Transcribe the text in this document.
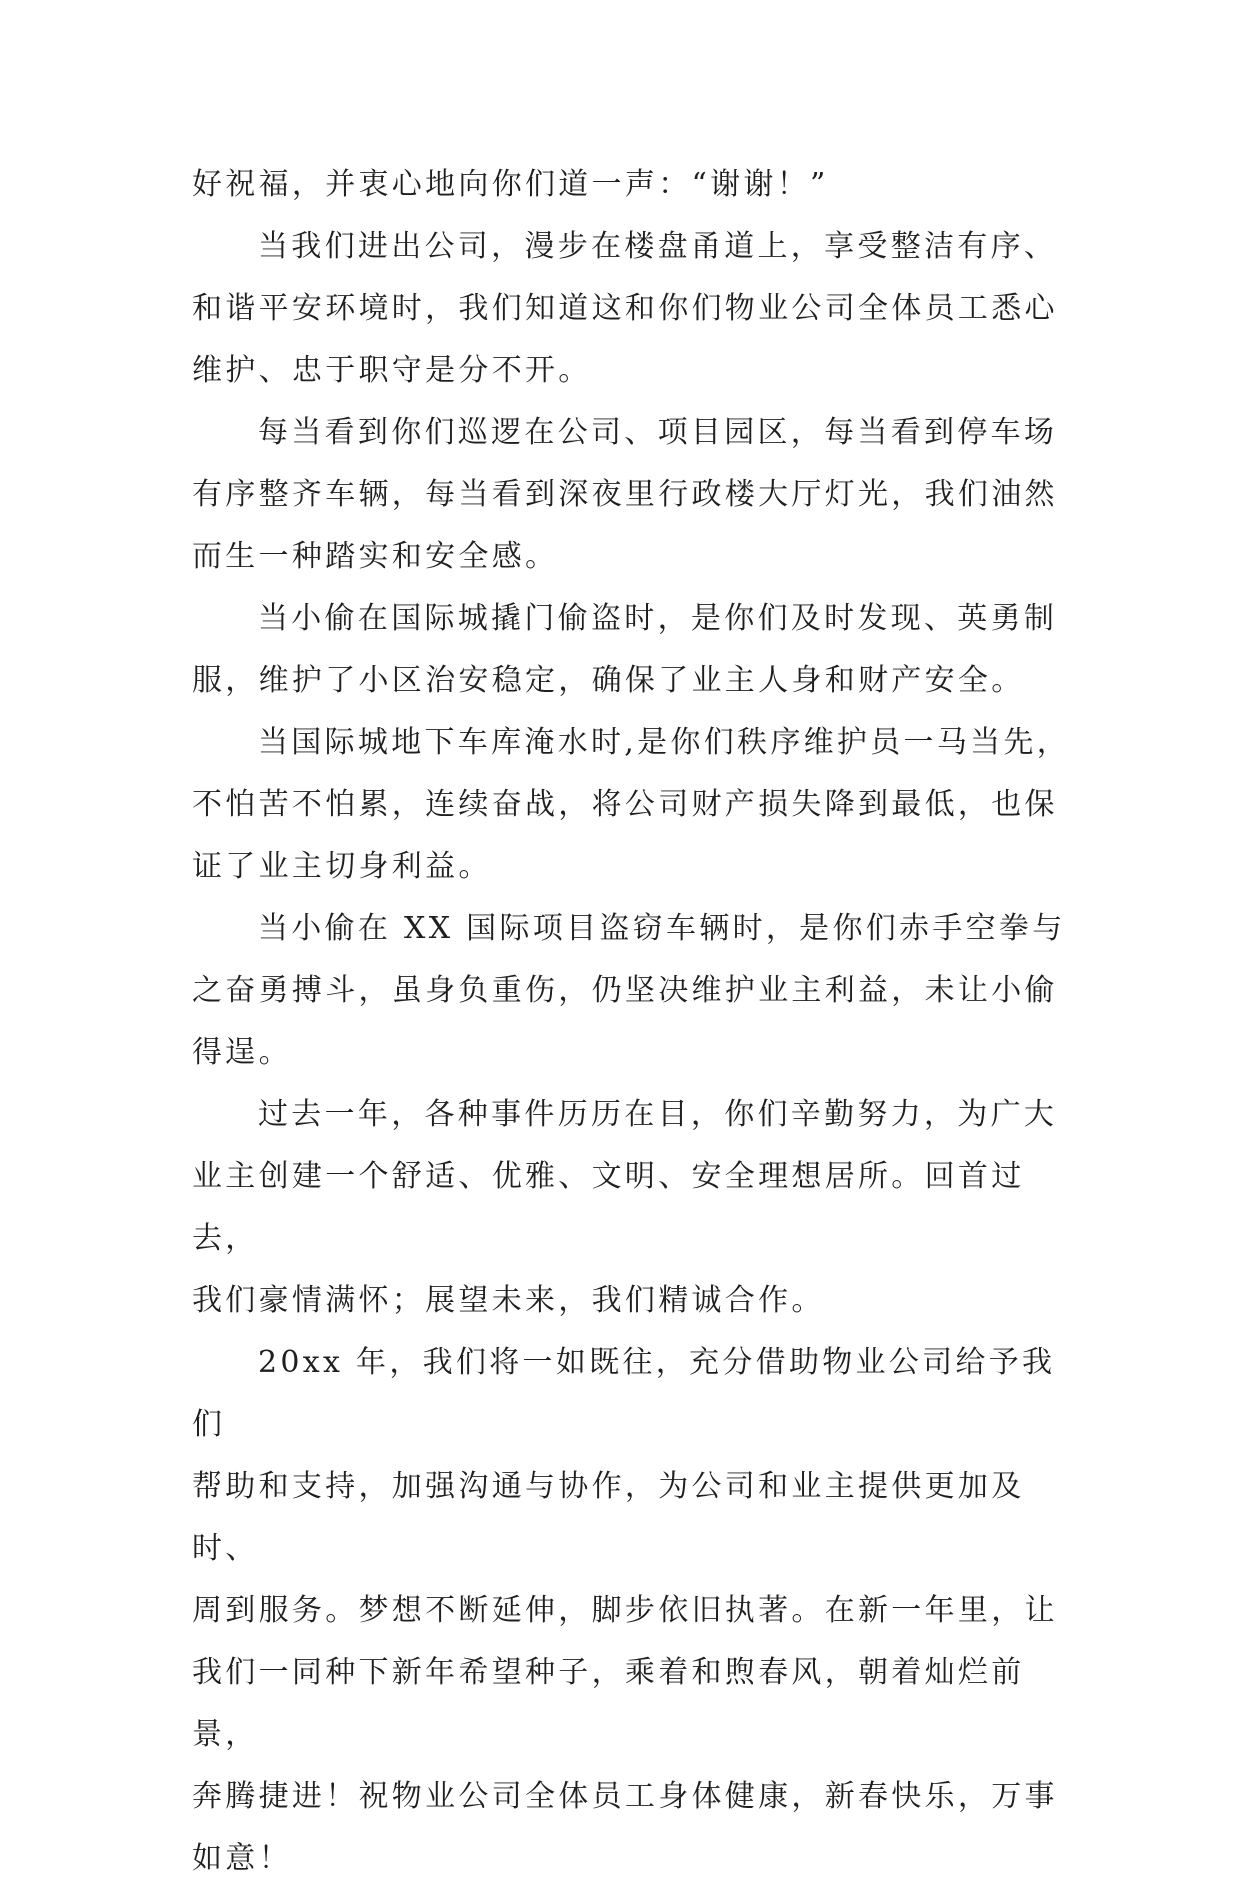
好祝福，并衷心地向你们道一声：“谢谢！”

当我们进出公司，漫步在楼盘甬道上，享受整洁有序、
和谐平安环境时，我们知道这和你们物业公司全体员工悉心
维护、忠于职守是分不开。

每当看到你们巡逻在公司、项目园区，每当看到停车场
有序整齐车辆，每当看到深夜里行政楼大厅灯光，我们油然
而生一种踏实和安全感。

当小偷在国际城撬门偷盗时，是你们及时发现、英勇制
服，维护了小区治安稳定，确保了业主人身和财产安全。

当国际城地下车库淹水时,是你们秩序维护员一马当先，
不怕苦不怕累，连续奋战，将公司财产损失降到最低，也保
证了业主切身利益。

当小偷在 XX 国际项目盗窃车辆时，是你们赤手空拳与
之奋勇搏斗，虽身负重伤，仍坚决维护业主利益，未让小偷
得逞。

过去一年，各种事件历历在目，你们辛勤努力，为广大
业主创建一个舒适、优雅、文明、安全理想居所。回首过去，
我们豪情满怀；展望未来，我们精诚合作。

20xx 年，我们将一如既往，充分借助物业公司给予我们
帮助和支持，加强沟通与协作，为公司和业主提供更加及时、
周到服务。梦想不断延伸，脚步依旧执著。在新一年里，让
我们一同种下新年希望种子，乘着和煦春风，朝着灿烂前景，
奔腾捷进！祝物业公司全体员工身体健康，新春快乐，万事
如意！
